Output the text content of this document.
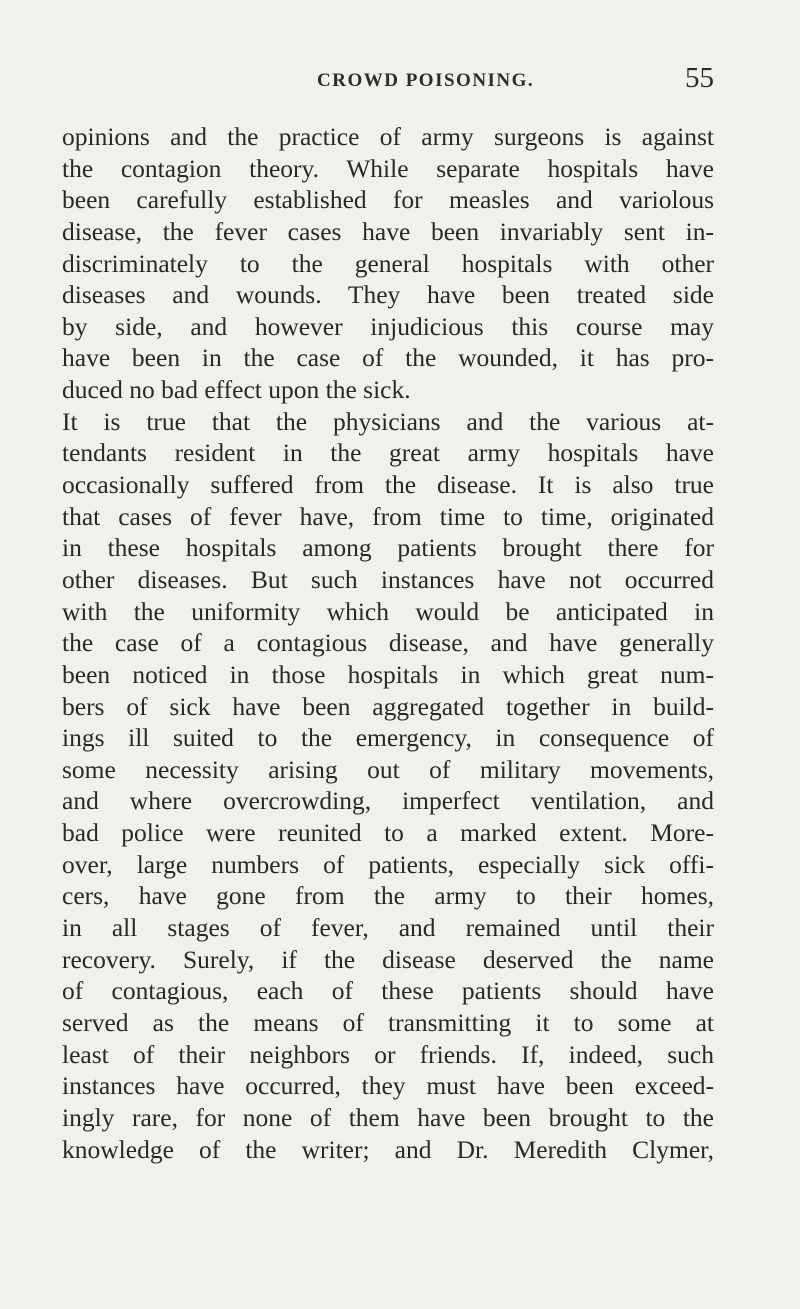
CROWD POISONING.	55
opinions and the practice of army surgeons is against
the contagion theory. While separate hospitals have
been carefully established for measles and variolous
disease, the fever cases have been invariably sent in-
discriminately to the general hospitals with other
diseases and wounds. They have been treated side
by side, and however injudicious this course may
have been in the case of the wounded, it has pro-
duced no bad effect upon the sick.
It is true that the physicians and the various at-
tendants resident in the great army hospitals have
occasionally suffered from the disease. It is also true
that cases of fever have, from time to time, originated
in these hospitals among patients brought there for
other diseases. But such instances have not occurred
with the uniformity which would be anticipated in
the case of a contagious disease, and have generally
been noticed in those hospitals in which great num-
bers of sick have been aggregated together in build-
ings ill suited to the emergency, in consequence of
some necessity arising out of military movements,
and where overcrowding, imperfect ventilation, and
bad police were reunited to a marked extent. More-
over, large numbers of patients, especially sick offi-
cers, have gone from the army to their homes,
in all stages of fever, and remained until their
recovery. Surely, if the disease deserved the name
of contagious, each of these patients should have
served as the means of transmitting it to some at
least of their neighbors or friends. If, indeed, such
instances have occurred, they must have been exceed-
ingly rare, for none of them have been brought to the
knowledge of the writer; and Dr. Meredith Clymer,
